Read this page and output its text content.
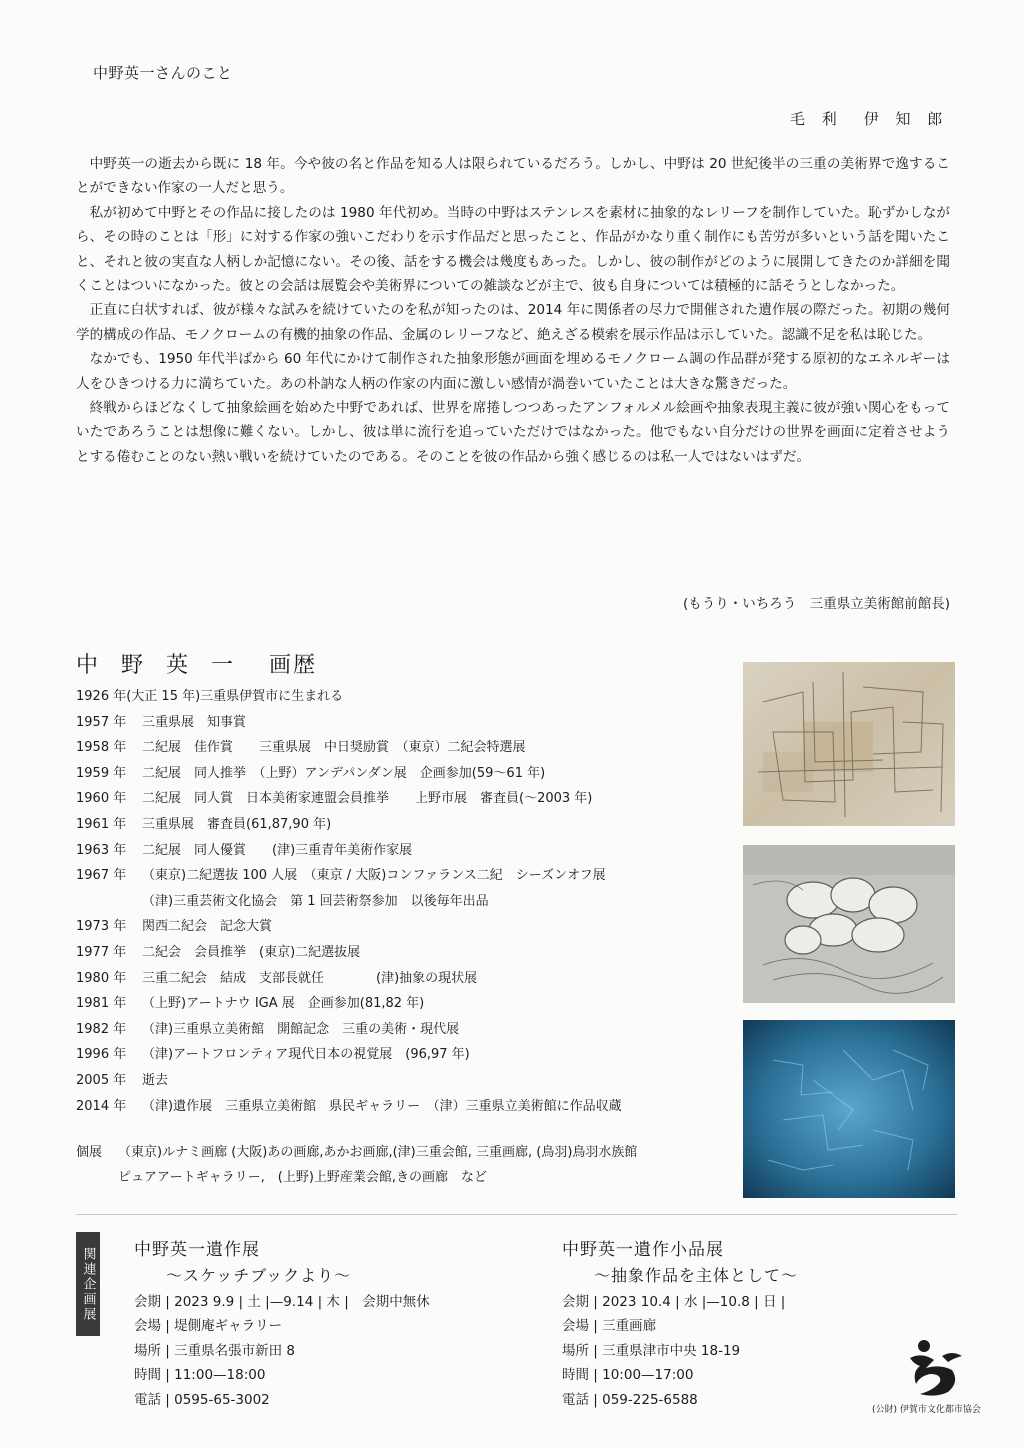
中野英一さんのこと
毛 利　伊 知 郎

中野英一の逝去から既に 18 年。今や彼の名と作品を知る人は限られているだろう。しかし、中野は 20 世紀後半の三重の美術界で逸することができない作家の一人だと思う。

私が初めて中野とその作品に接したのは 1980 年代初め。当時の中野はステンレスを素材に抽象的なレリーフを制作していた。恥ずかしながら、その時のことは「形」に対する作家の強いこだわりを示す作品だと思ったこと、作品がかなり重く制作にも苦労が多いという話を聞いたこと、それと彼の実直な人柄しか記憶にない。その後、話をする機会は幾度もあった。しかし、彼の制作がどのように展開してきたのか詳細を聞くことはついになかった。彼との会話は展覧会や美術界についての雑談などが主で、彼も自身については積極的に話そうとしなかった。

正直に白状すれば、彼が様々な試みを続けていたのを私が知ったのは、2014 年に関係者の尽力で開催された遺作展の際だった。初期の幾何学的構成の作品、モノクロームの有機的抽象の作品、金属のレリーフなど、絶えざる模索を展示作品は示していた。認識不足を私は恥じた。

なかでも、1950 年代半ばから 60 年代にかけて制作された抽象形態が画面を埋めるモノクローム調の作品群が発する原初的なエネルギーは人をひきつける力に満ちていた。あの朴訥な人柄の作家の内面に激しい感情が渦巻いていたことは大きな驚きだった。

終戦からほどなくして抽象絵画を始めた中野であれば、世界を席捲しつつあったアンフォルメル絵画や抽象表現主義に彼が強い関心をもっていたであろうことは想像に難くない。しかし、彼は単に流行を追っていただけではなかった。他でもない自分だけの世界を画面に定着させようとする倦むことのない熱い戦いを続けていたのである。そのことを彼の作品から強く感じるのは私一人ではないはずだ。

(もうり・いちろう　三重県立美術館前館長)
中 野 英 一 画歴
1926 年(大正 15 年)三重県伊賀市に生まれる
1957 年	三重県展　知事賞
1958 年	二紀展　佳作賞　　三重県展　中日奨励賞　（東京）二紀会特選展
1959 年	二紀展　同人推挙　（上野）アンデパンダン展　企画参加(59〜61 年)
1960 年	二紀展　同人賞　日本美術家連盟会員推挙　　上野市展　審査員(〜2003 年)
1961 年	三重県展　審査員(61,87,90 年)
1963 年	二紀展　同人優賞　　(津)三重青年美術作家展
1967 年	（東京)二紀選抜 100 人展　（東京 / 大阪)コンファランス二紀　シーズンオフ展
（津)三重芸術文化協会　第 1 回芸術祭参加　以後毎年出品
1973 年	関西二紀会　記念大賞
1977 年	二紀会　会員推挙　(東京)二紀選抜展
1980 年	三重二紀会　結成　支部長就任　　　　(津)抽象の現状展
1981 年	（上野)アートナウ IGA 展　企画参加(81,82 年)
1982 年	（津)三重県立美術館　開館記念　三重の美術・現代展
1996 年	（津)アートフロンティア現代日本の視覚展　(96,97 年)
2005 年	逝去
2014 年	（津)遺作展　三重県立美術館　県民ギャラリー　（津）三重県立美術館に作品収蔵
個展	（東京)ルナミ画廊 (大阪)あの画廊,あかお画廊,(津)三重会館, 三重画廊, (鳥羽)鳥羽水族館
ピュアアートギャラリー,　(上野)上野産業会館,きの画廊　など
関連企画展 中野英一遺作展
〜スケッチブックより〜
会期 | 2023 9.9 | 土 |—9.14 | 木 |　会期中無休
会場 | 堤側庵ギャラリー
場所 | 三重県名張市新田 8
時間 | 11:00—18:00
電話 | 0595-65-3002
中野英一遺作小品展
〜抽象作品を主体として〜
会期 | 2023 10.4 | 水 |—10.8 | 日 |
会場 | 三重画廊
場所 | 三重県津市中央 18-19
時間 | 10:00—17:00
電話 | 059-225-6588
(公財) 伊賀市文化都市協会
